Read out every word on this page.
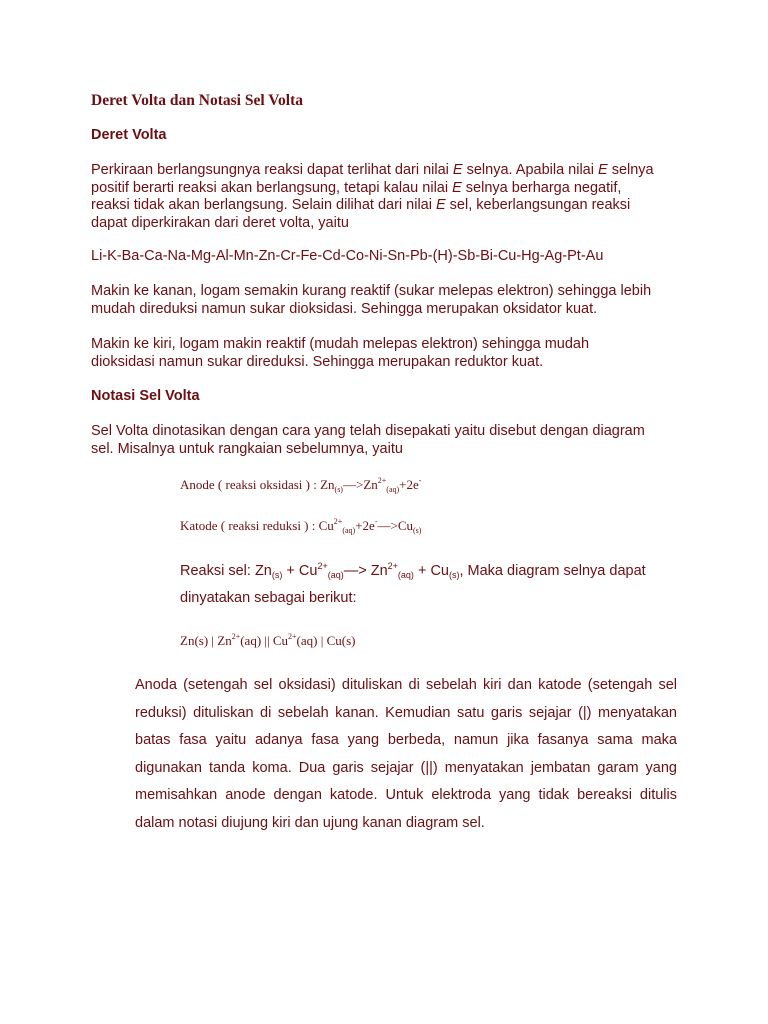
Deret Volta dan Notasi Sel Volta
Deret Volta
Perkiraan berlangsungnya reaksi dapat terlihat dari nilai E selnya. Apabila nilai E selnya
positif berarti reaksi akan berlangsung, tetapi kalau nilai E selnya berharga negatif,
reaksi tidak akan berlangsung. Selain dilihat dari nilai E sel, keberlangsungan reaksi
dapat diperkirakan dari deret volta, yaitu
Li-K-Ba-Ca-Na-Mg-Al-Mn-Zn-Cr-Fe-Cd-Co-Ni-Sn-Pb-(H)-Sb-Bi-Cu-Hg-Ag-Pt-Au
Makin ke kanan, logam semakin kurang reaktif (sukar melepas elektron) sehingga lebih
mudah direduksi namun sukar dioksidasi. Sehingga merupakan oksidator kuat.
Makin ke kiri, logam makin reaktif (mudah melepas elektron) sehingga mudah
dioksidasi namun sukar direduksi. Sehingga merupakan reduktor kuat.
Notasi Sel Volta
Sel Volta dinotasikan dengan cara yang telah disepakati yaitu disebut dengan diagram
sel. Misalnya untuk rangkaian sebelumnya, yaitu
Anode ( reaksi oksidasi ) : $Zn_{(s)}—>Zn^{2+}_{(aq)}+2e^-$
Katode ( reaksi reduksi ) : $Cu^{2+}_{(aq)}+2e^-—>Cu_{(s)}$
Reaksi sel: $Zn_{(s)}$ + $Cu^{2+}_{(aq)}—> Zn^{2+}_{(aq)} + Cu_{(s)}$, Maka diagram selnya dapat
dinyatakan sebagai berikut:
Zn(s) | $Zn^{2+}(aq)$ || $Cu^{2+}(aq)$ | Cu(s)
Anoda (setengah sel oksidasi) dituliskan di sebelah kiri dan katode (setengah sel reduksi) dituliskan di sebelah kanan. Kemudian satu garis sejajar (|) menyatakan batas fasa yaitu adanya fasa yang berbeda, namun jika fasanya sama maka digunakan tanda koma. Dua garis sejajar (||) menyatakan jembatan garam yang memisahkan anode dengan katode. Untuk elektroda yang tidak bereaksi ditulis dalam notasi diujung kiri dan ujung kanan diagram sel.
